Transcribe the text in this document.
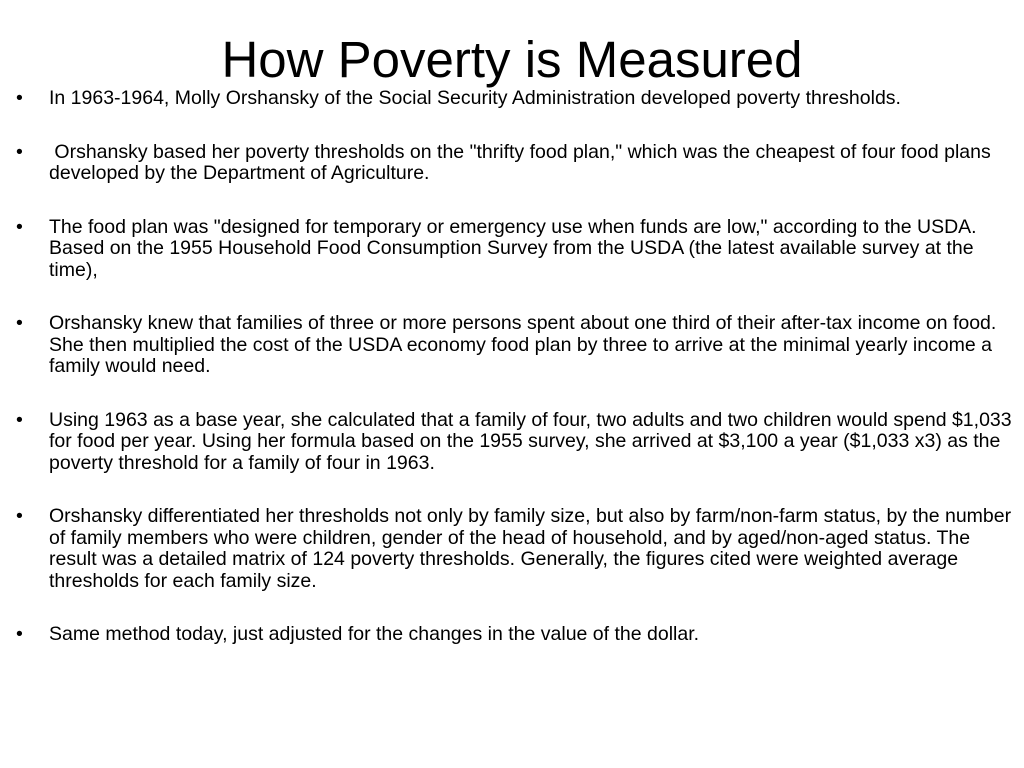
How Poverty is Measured
•	In 1963-1964, Molly Orshansky of the Social Security Administration developed poverty thresholds.
•	Orshansky based her poverty thresholds on the "thrifty food plan," which was the cheapest of four food plans developed by the Department of Agriculture.
•	The food plan was "designed for temporary or emergency use when funds are low," according to the USDA. Based on the 1955 Household Food Consumption Survey from the USDA (the latest available survey at the time),
•	Orshansky knew that families of three or more persons spent about one third of their after-tax income on food. She then multiplied the cost of the USDA economy food plan by three to arrive at the minimal yearly income a family would need.
•	Using 1963 as a base year, she calculated that a family of four, two adults and two children would spend $1,033 for food per year. Using her formula based on the 1955 survey, she arrived at $3,100 a year ($1,033 x3) as the poverty threshold for a family of four in 1963.
•	Orshansky differentiated her thresholds not only by family size, but also by farm/non-farm status, by the number of family members who were children, gender of the head of household, and by aged/non-aged status. The result was a detailed matrix of 124 poverty thresholds. Generally, the figures cited were weighted average thresholds for each family size.
•	Same method today, just adjusted for the changes in the value of the dollar.
